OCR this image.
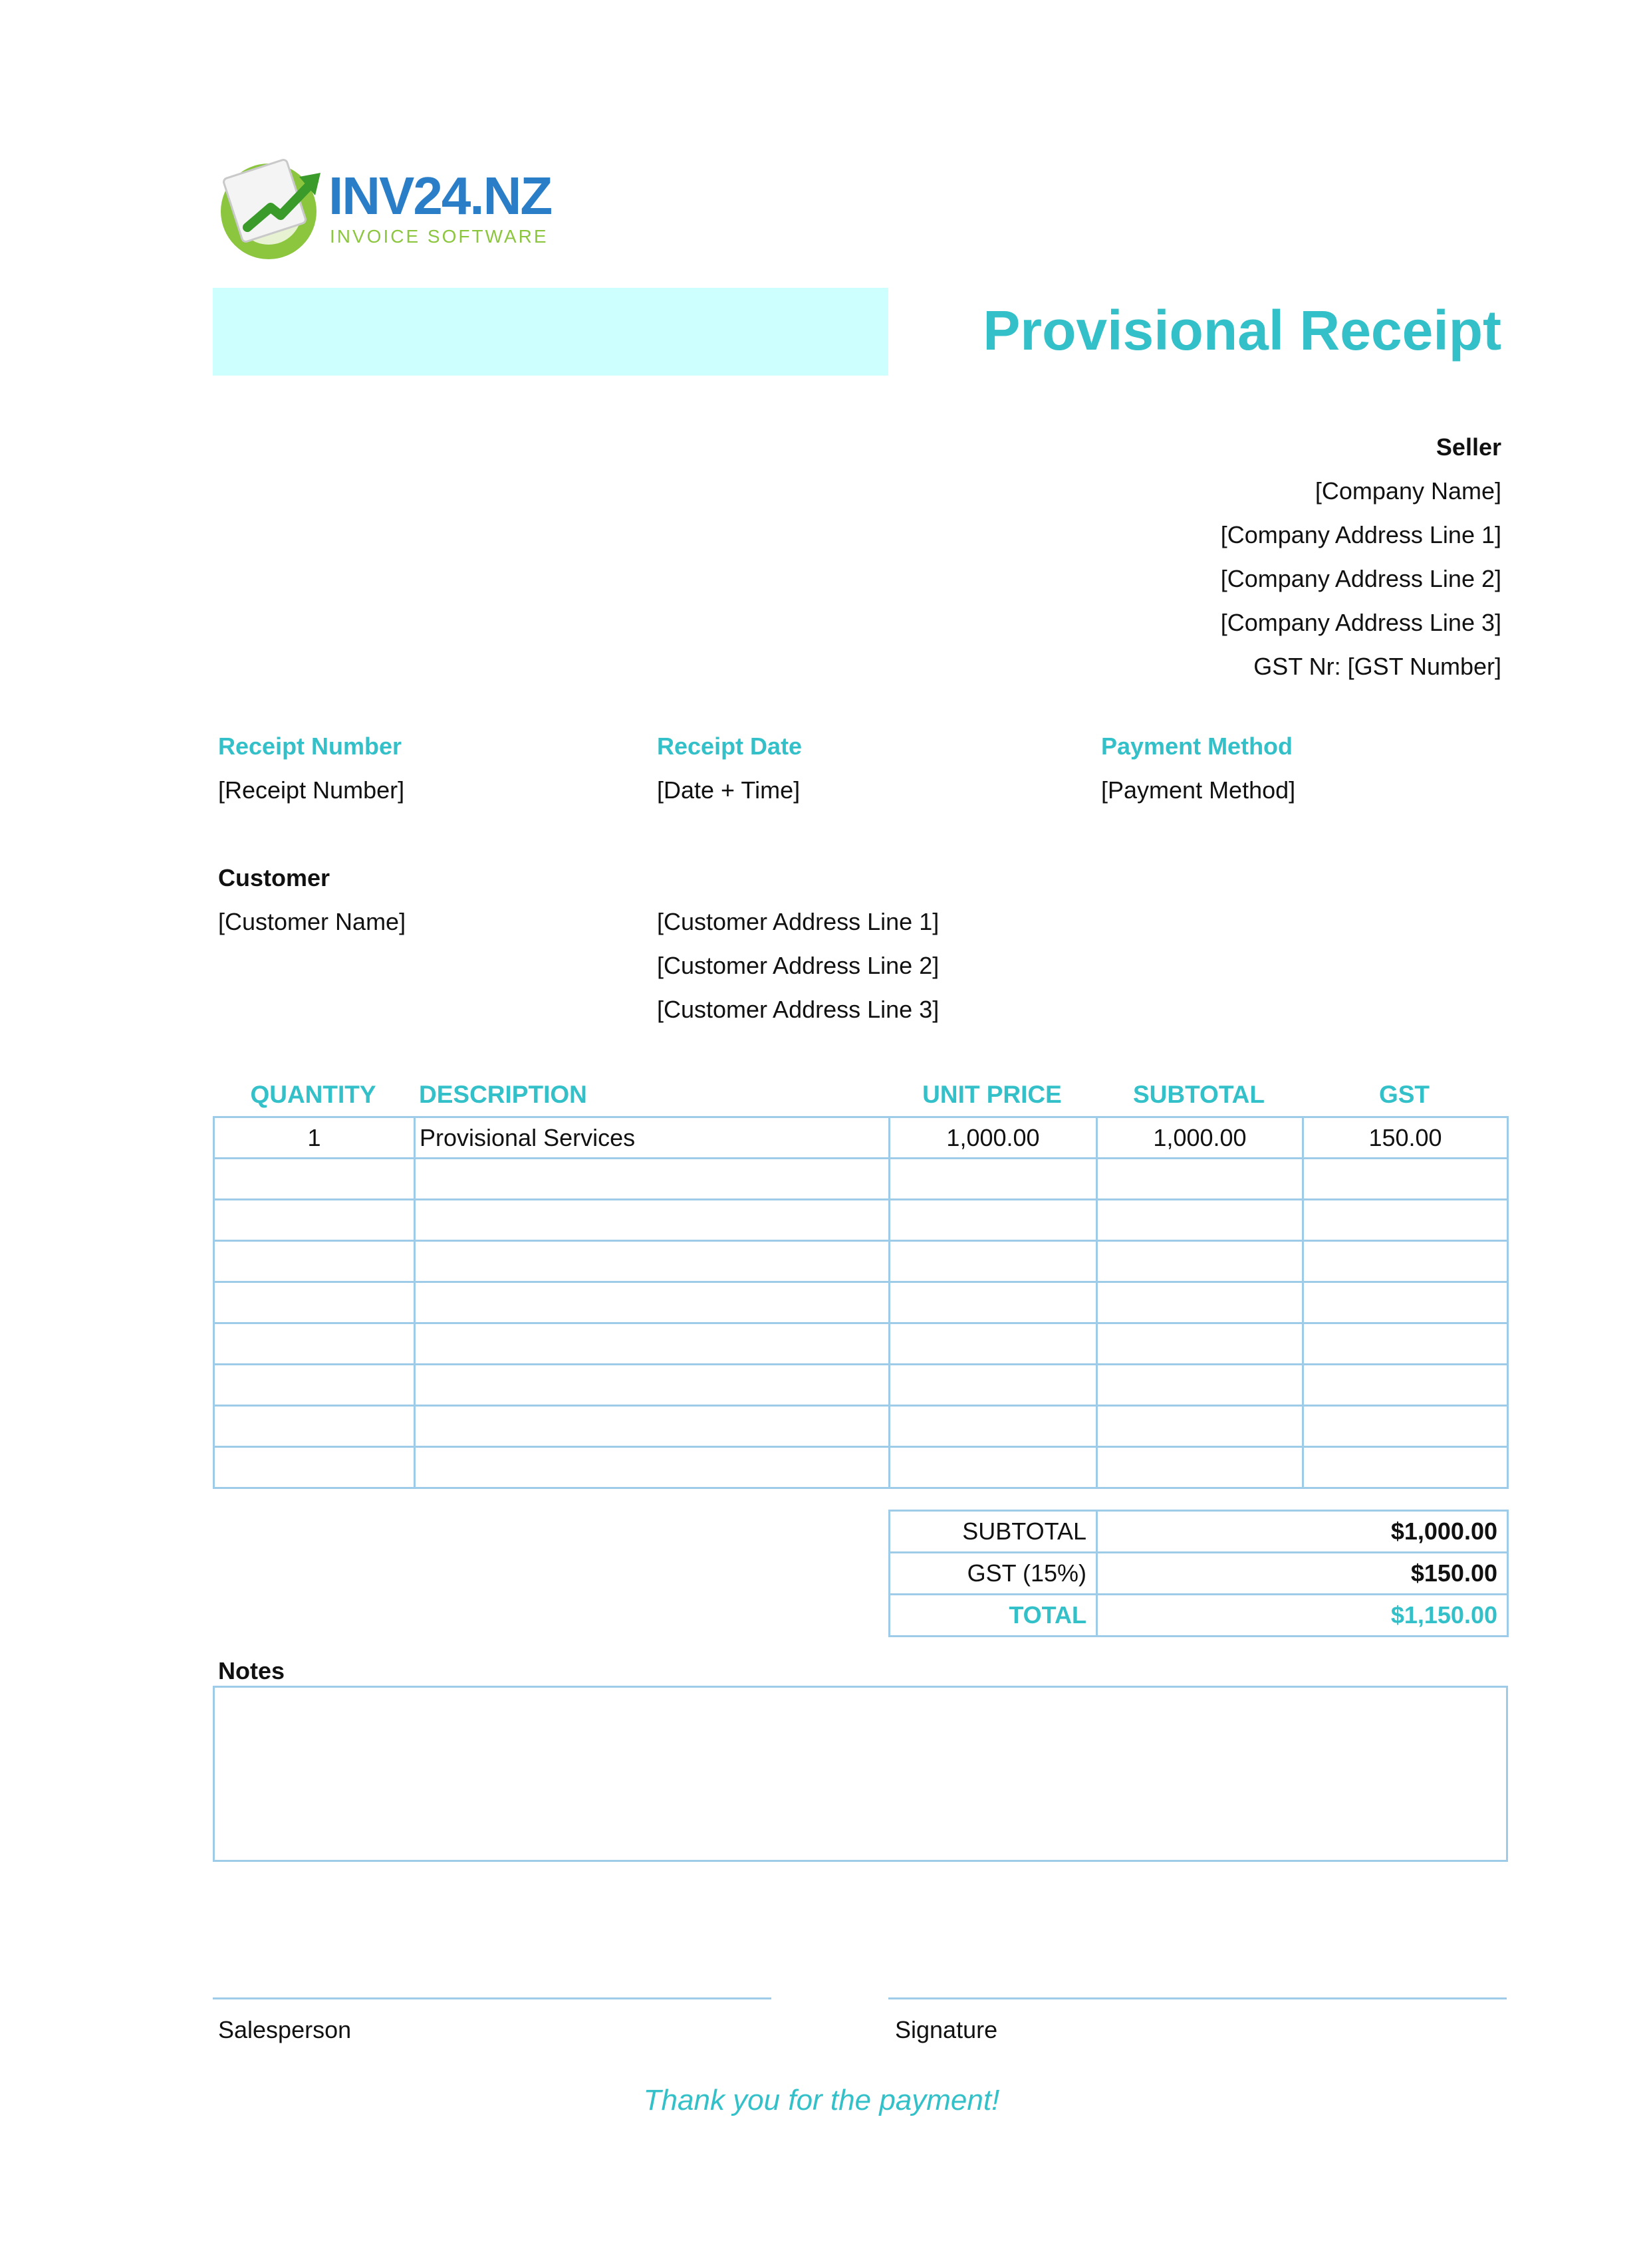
INV24.NZ
INVOICE SOFTWARE
Provisional Receipt
Seller
[Company Name]
[Company Address Line 1]
[Company Address Line 2]
[Company Address Line 3]
GST Nr: [GST Number]
Receipt Number
[Receipt Number]
Receipt Date
[Date + Time]
Payment Method
[Payment Method]
Customer
[Customer Name]	[Customer Address Line 1]
[Customer Address Line 2]
[Customer Address Line 3]
QUANTITY	DESCRIPTION	UNIT PRICE	SUBTOTAL	GST
1	Provisional Services	1,000.00	1,000.00	150.00

SUBTOTAL	$1,000.00
GST (15%)	$150.00
TOTAL	$1,150.00
Notes
Salesperson	Signature
Thank you for the payment!
